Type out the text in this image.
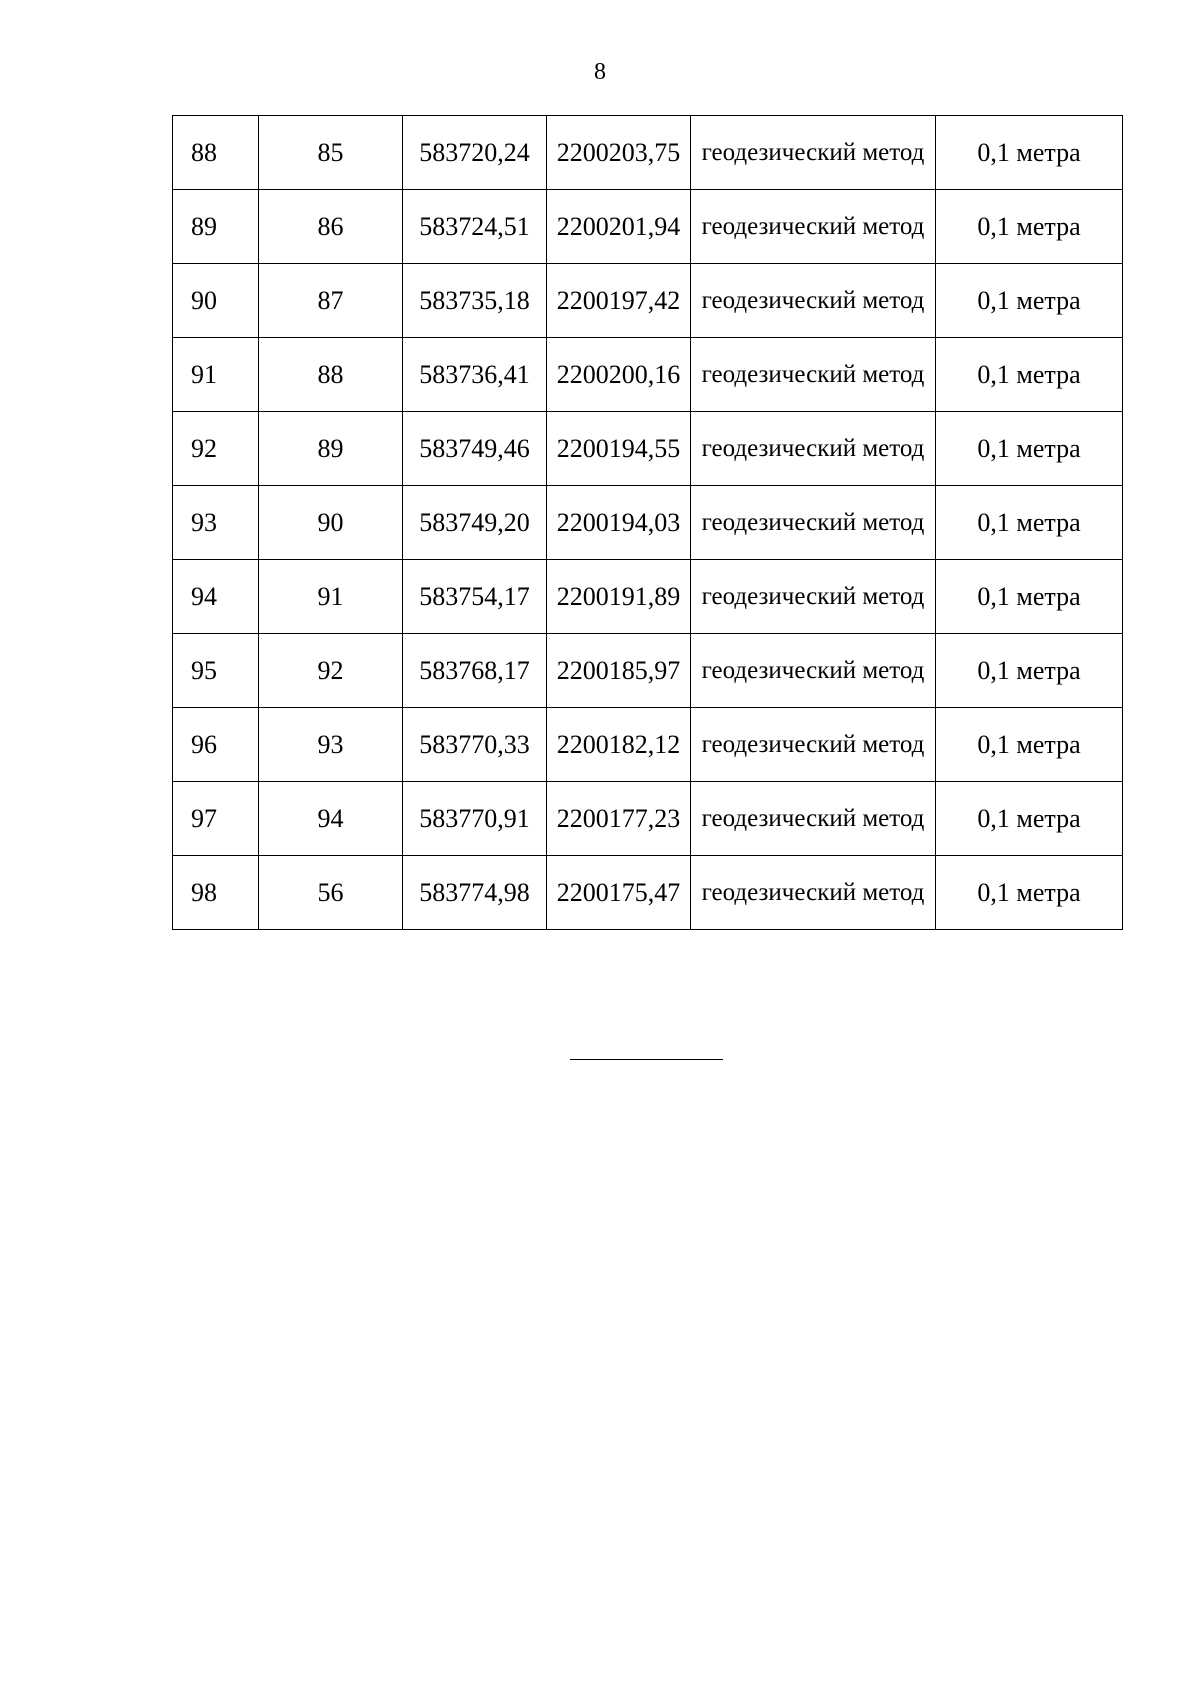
8
88	85	583720,24	2200203,75	геодезический метод	0,1 метра
89	86	583724,51	2200201,94	геодезический метод	0,1 метра
90	87	583735,18	2200197,42	геодезический метод	0,1 метра
91	88	583736,41	2200200,16	геодезический метод	0,1 метра
92	89	583749,46	2200194,55	геодезический метод	0,1 метра
93	90	583749,20	2200194,03	геодезический метод	0,1 метра
94	91	583754,17	2200191,89	геодезический метод	0,1 метра
95	92	583768,17	2200185,97	геодезический метод	0,1 метра
96	93	583770,33	2200182,12	геодезический метод	0,1 метра
97	94	583770,91	2200177,23	геодезический метод	0,1 метра
98	56	583774,98	2200175,47	геодезический метод	0,1 метра
